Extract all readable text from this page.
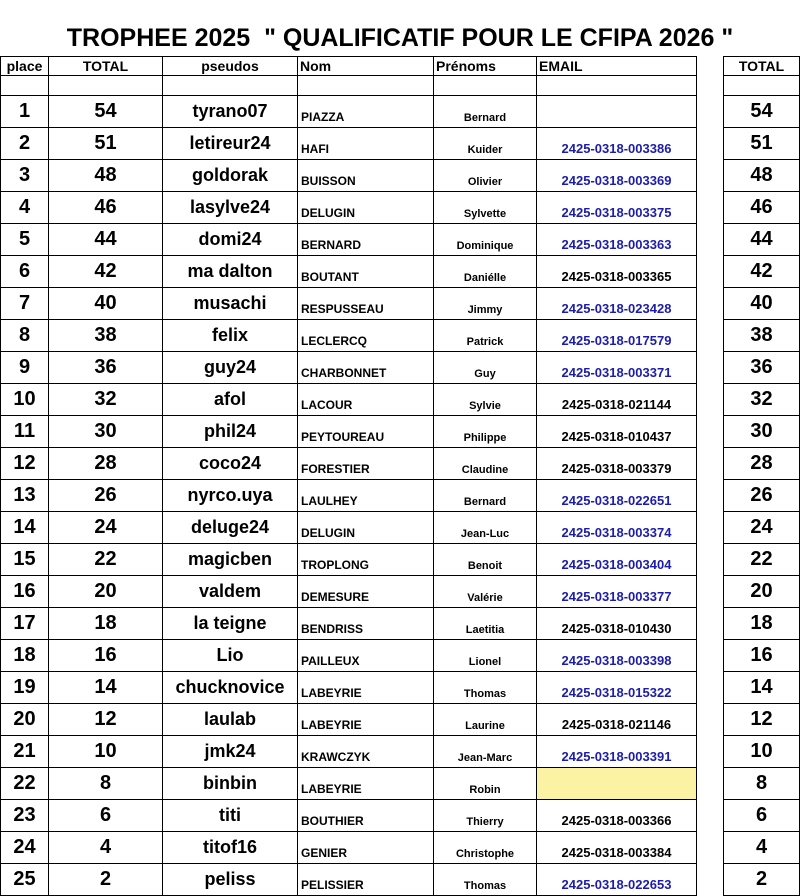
TROPHEE 2025  " QUALIFICATIF POUR LE CFIPA 2026 "
place	TOTAL	pseudos	Nom	Prénoms	EMAIL		TOTAL

1	54	tyrano07	PIAZZA	Bernard			54
2	51	letireur24	HAFI	Kuider	2425-0318-003386		51
3	48	goldorak	BUISSON	Olivier	2425-0318-003369		48
4	46	lasylve24	DELUGIN	Sylvette	2425-0318-003375		46
5	44	domi24	BERNARD	Dominique	2425-0318-003363		44
6	42	ma dalton	BOUTANT	Daniélle	2425-0318-003365		42
7	40	musachi	RESPUSSEAU	Jimmy	2425-0318-023428		40
8	38	felix	LECLERCQ	Patrick	2425-0318-017579		38
9	36	guy24	CHARBONNET	Guy	2425-0318-003371		36
10	32	afol	LACOUR	Sylvie	2425-0318-021144		32
11	30	phil24	PEYTOUREAU	Philippe	2425-0318-010437		30
12	28	coco24	FORESTIER	Claudine	2425-0318-003379		28
13	26	nyrco.uya	LAULHEY	Bernard	2425-0318-022651		26
14	24	deluge24	DELUGIN	Jean-Luc	2425-0318-003374		24
15	22	magicben	TROPLONG	Benoit	2425-0318-003404		22
16	20	valdem	DEMESURE	Valérie	2425-0318-003377		20
17	18	la teigne	BENDRISS	Laetitia	2425-0318-010430		18
18	16	Lio	PAILLEUX	Lionel	2425-0318-003398		16
19	14	chucknovice	LABEYRIE	Thomas	2425-0318-015322		14
20	12	laulab	LABEYRIE	Laurine	2425-0318-021146		12
21	10	jmk24	KRAWCZYK	Jean-Marc	2425-0318-003391		10
22	8	binbin	LABEYRIE	Robin			8
23	6	titi	BOUTHIER	Thierry	2425-0318-003366		6
24	4	titof16	GENIER	Christophe	2425-0318-003384		4
25	2	peliss	PELISSIER	Thomas	2425-0318-022653		2
